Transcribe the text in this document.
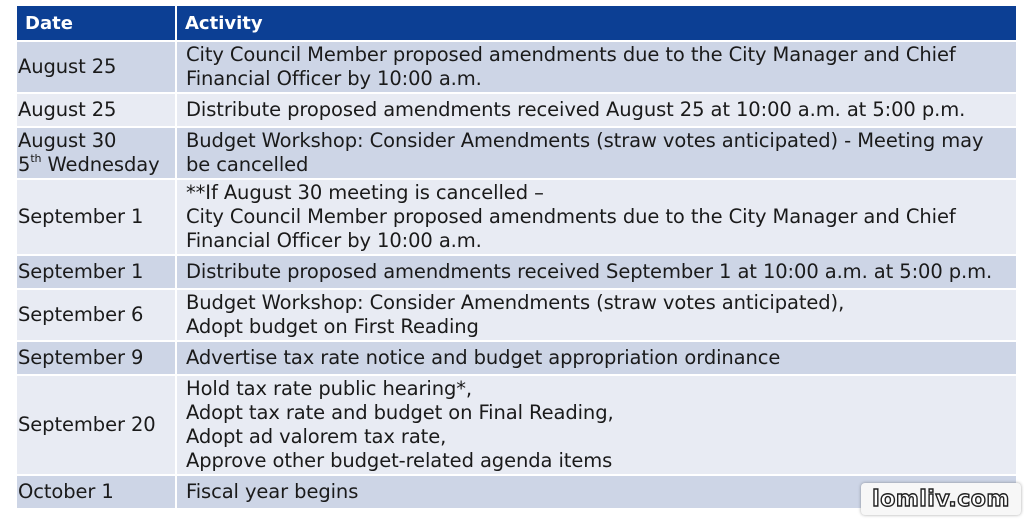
Date	Activity

August 25	City Council Member proposed amendments due to the City Manager and Chief
Financial Officer by 10:00 a.m.

August 25	Distribute proposed amendments received August 25 at 10:00 a.m. at 5:00 p.m.

August 30
5th Wednesday	Budget Workshop: Consider Amendments (straw votes anticipated) - Meeting may
be cancelled

September 1	**If August 30 meeting is cancelled –
City Council Member proposed amendments due to the City Manager and Chief
Financial Officer by 10:00 a.m.

September 1	Distribute proposed amendments received September 1 at 10:00 a.m. at 5:00 p.m.

September 6	Budget Workshop: Consider Amendments (straw votes anticipated),
Adopt budget on First Reading

September 9	Advertise tax rate notice and budget appropriation ordinance

September 20	Hold tax rate public hearing*,
Adopt tax rate and budget on Final Reading,
Adopt ad valorem tax rate,
Approve other budget-related agenda items

October 1	Fiscal year begins	lomliv.com
